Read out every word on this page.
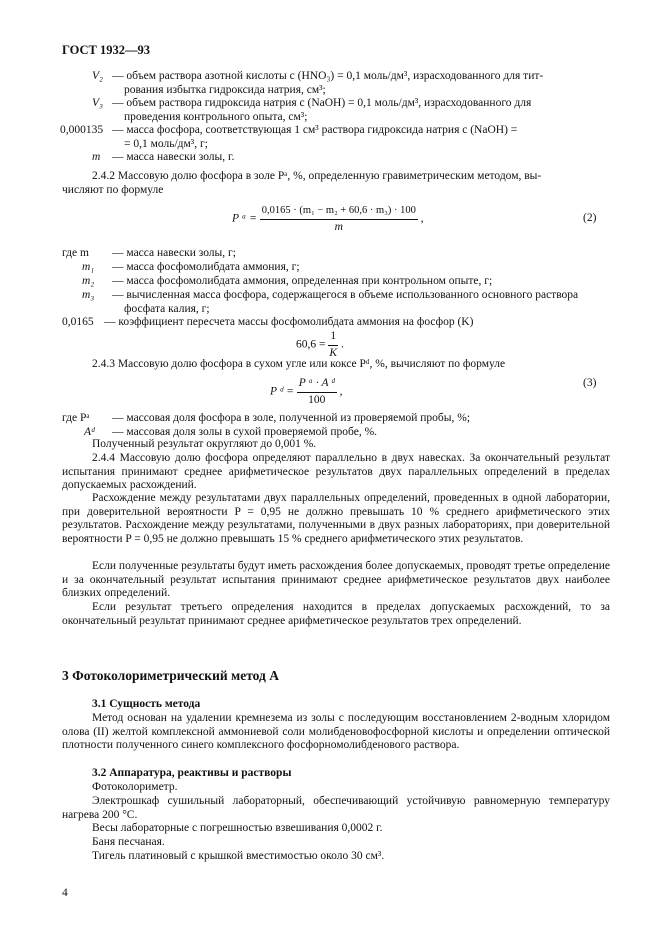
ГОСТ 1932—93
V₂ — объем раствора азотной кислоты c (HNO₃) = 0,1 моль/дм³, израсходованного для тит-
рования избытка гидроксида натрия, см³;
V₃ — объем раствора гидроксида натрия c (NaOH) = 0,1 моль/дм³, израсходованного для
проведения контрольного опыта, см³;
0,000135 — масса фосфора, соответствующая 1 см³ раствора гидроксида натрия c (NaOH) =
= 0,1 моль/дм³, г;
m — масса навески золы, г.
2.4.2 Массовую долю фосфора в золе Pᵃ, %, определенную гравиметрическим методом, вы-
числяют по формуле
P ᵃ = $\frac{\text{0,0165 · (m₁ − m₂ + 60,6 · m₃) · 100}}{m}$ ,	(2)
где m — масса навески золы, г;
m₁ — масса фосфомолибдата аммония, г;
m₂ — масса фосфомолибдата аммония, определенная при контрольном опыте, г;
m₃ — вычисленная масса фосфора, содержащегося в объеме использованного основного раствора
фосфата калия, г;
0,0165 — коэффициент пересчета массы фосфомолибдата аммония на фосфор (K)
$60,6 = \frac{1}{K}$ .
2.4.3 Массовую долю фосфора в сухом угле или коксе Pᵈ, %, вычисляют по формуле
P ᵈ = $\frac{\text{P ᵃ · A ᵈ}}{100}$ ,
(3)
где Pᵃ — массовая доля фосфора в золе, полученной из проверяемой пробы, %;
Aᵈ — массовая доля золы в сухой проверяемой пробе, %.
Полученный результат округляют до 0,001 %.
2.4.4 Массовую долю фосфора определяют параллельно в двух навесках. За окончательный результат испытания принимают среднее арифметическое результатов двух параллельных определений в пределах допускаемых расхождений.
Расхождение между результатами двух параллельных определений, проведенных в одной лаборатории, при доверительной вероятности P = 0,95 не должно превышать 10 % среднего арифметического этих результатов. Расхождение между результатами, полученными в двух разных лабораториях, при доверительной вероятности P = 0,95 не должно превышать 15 % среднего арифметического этих результатов.
Если полученные результаты будут иметь расхождения более допускаемых, проводят третье определение и за окончательный результат испытания принимают среднее арифметическое результатов двух наиболее близких определений.
Если результат третьего определения находится в пределах допускаемых расхождений, то за окончательный результат принимают среднее арифметическое результатов трех определений.
3 Фотоколориметрический метод А
3.1 Сущность метода
Метод основан на удалении кремнезема из золы с последующим восстановлением 2-водным хлоридом олова (II) желтой комплексной аммониевой соли молибденовофосфорной кислоты и определении оптической плотности полученного синего комплексного фосфорномолибденового раствора.
3.2 Аппаратура, реактивы и растворы
Фотоколориметр.
Электрошкаф сушильный лабораторный, обеспечивающий устойчивую равномерную температуру нагрева 200 °С.
Весы лабораторные с погрешностью взвешивания 0,0002 г.
Баня песчаная.
Тигель платиновый с крышкой вместимостью около 30 см³.
4
